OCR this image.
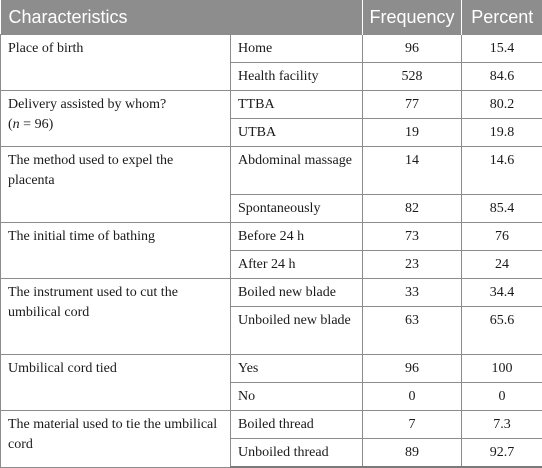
Characteristics		Frequency	Percent
Place of birth	Home	96	15.4
	Health facility	528	84.6
Delivery assisted by whom?
(n = 96)	TTBA	77	80.2
	UTBA	19	19.8
The method used to expel the placenta	Abdominal massage	14	14.6
	Spontaneously	82	85.4
The initial time of bathing	Before 24 h	73	76
	After 24 h	23	24
The instrument used to cut the umbilical cord	Boiled new blade	33	34.4
	Unboiled new blade	63	65.6
Umbilical cord tied	Yes	96	100
	No	0	0
The material used to tie the umbilical cord	Boiled thread	7	7.3
	Unboiled thread	89	92.7
